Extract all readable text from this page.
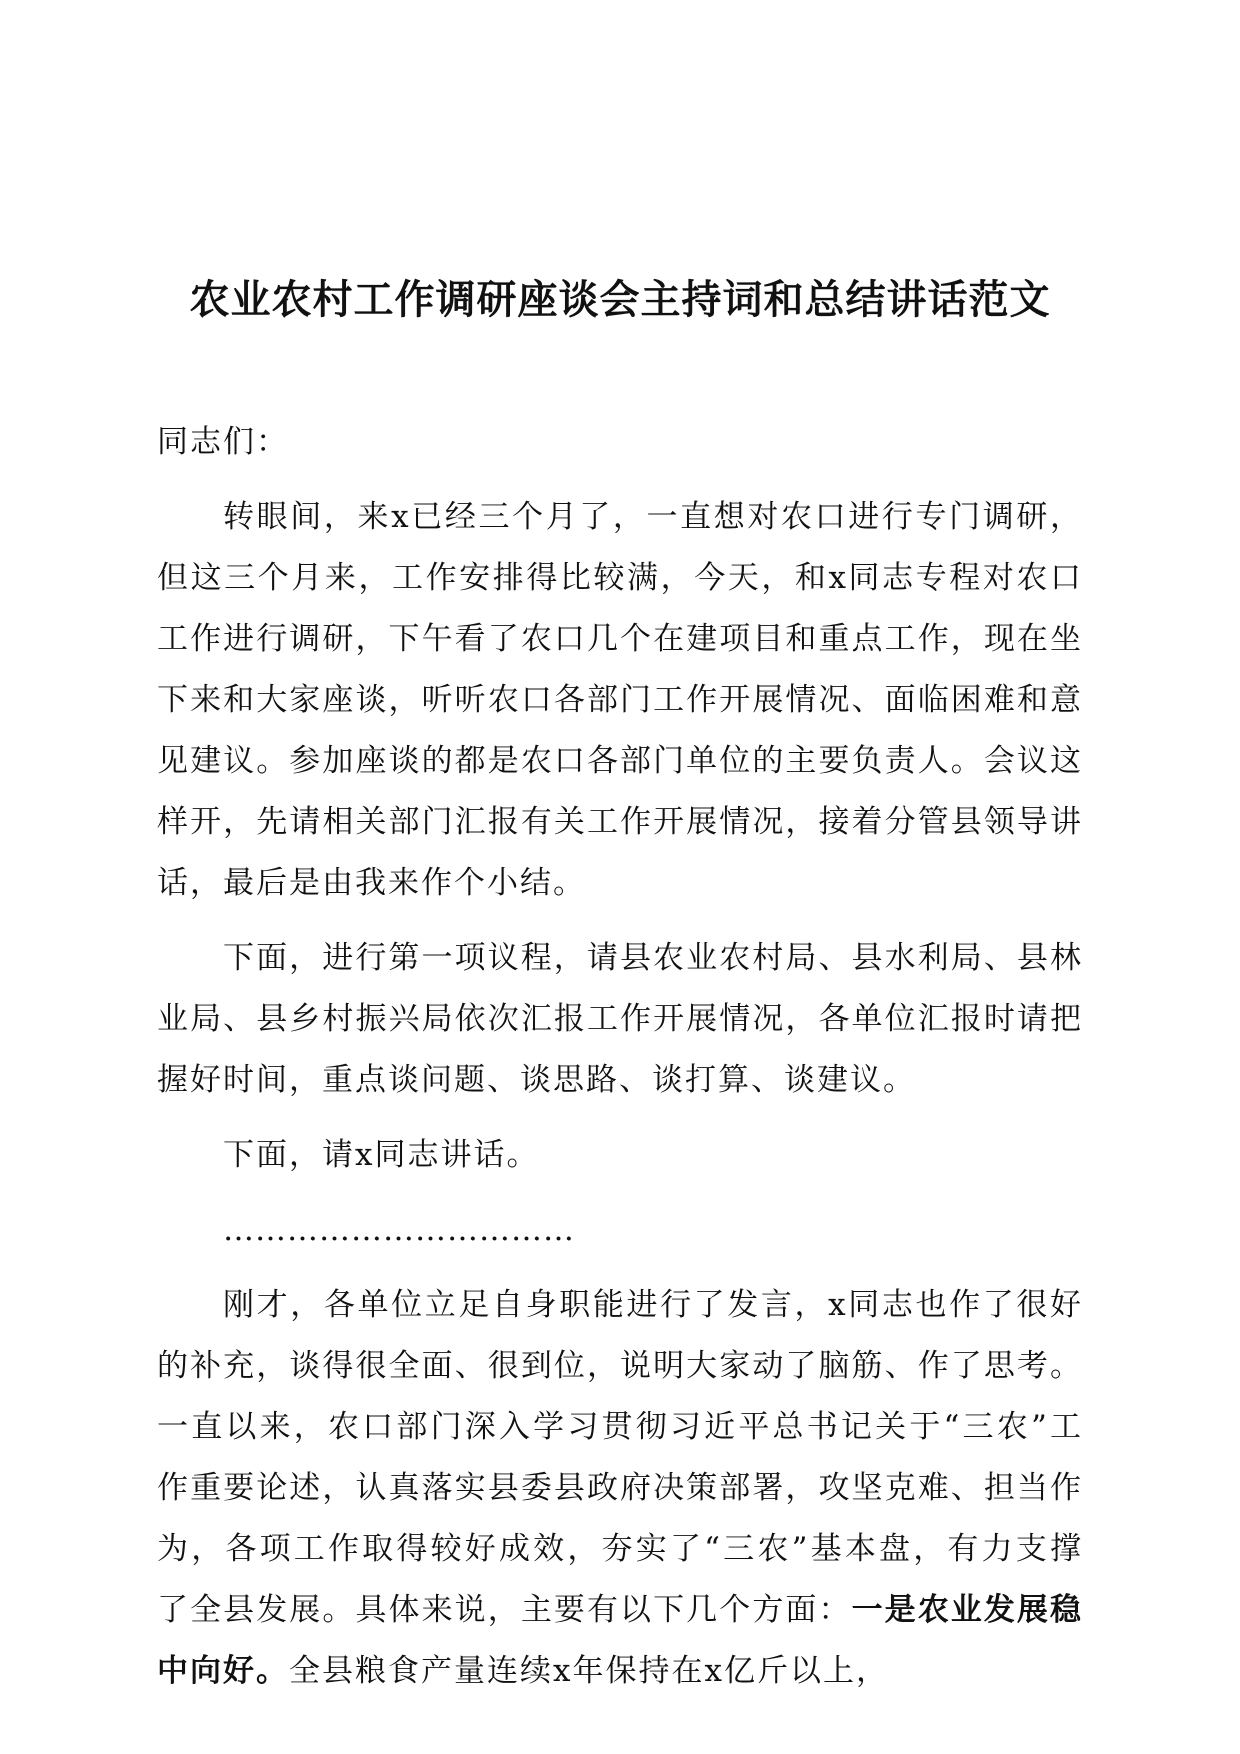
农业农村工作调研座谈会主持词和总结讲话范文

同志们：

转眼间，来x已经三个月了，一直想对农口进行专门调研，但这三个月来，工作安排得比较满，今天，和x同志专程对农口工作进行调研，下午看了农口几个在建项目和重点工作，现在坐下来和大家座谈，听听农口各部门工作开展情况、面临困难和意见建议。参加座谈的都是农口各部门单位的主要负责人。会议这样开，先请相关部门汇报有关工作开展情况，接着分管县领导讲话，最后是由我来作个小结。

下面，进行第一项议程，请县农业农村局、县水利局、县林业局、县乡村振兴局依次汇报工作开展情况，各单位汇报时请把握好时间，重点谈问题、谈思路、谈打算、谈建议。

下面，请x同志讲话。

……………………………

刚才，各单位立足自身职能进行了发言，x同志也作了很好的补充，谈得很全面、很到位，说明大家动了脑筋、作了思考。一直以来，农口部门深入学习贯彻习近平总书记关于“三农”工作重要论述，认真落实县委县政府决策部署，攻坚克难、担当作为，各项工作取得较好成效，夯实了“三农”基本盘，有力支撑了全县发展。具体来说，主要有以下几个方面：一是农业发展稳中向好。全县粮食产量连续x年保持在x亿斤以上，
